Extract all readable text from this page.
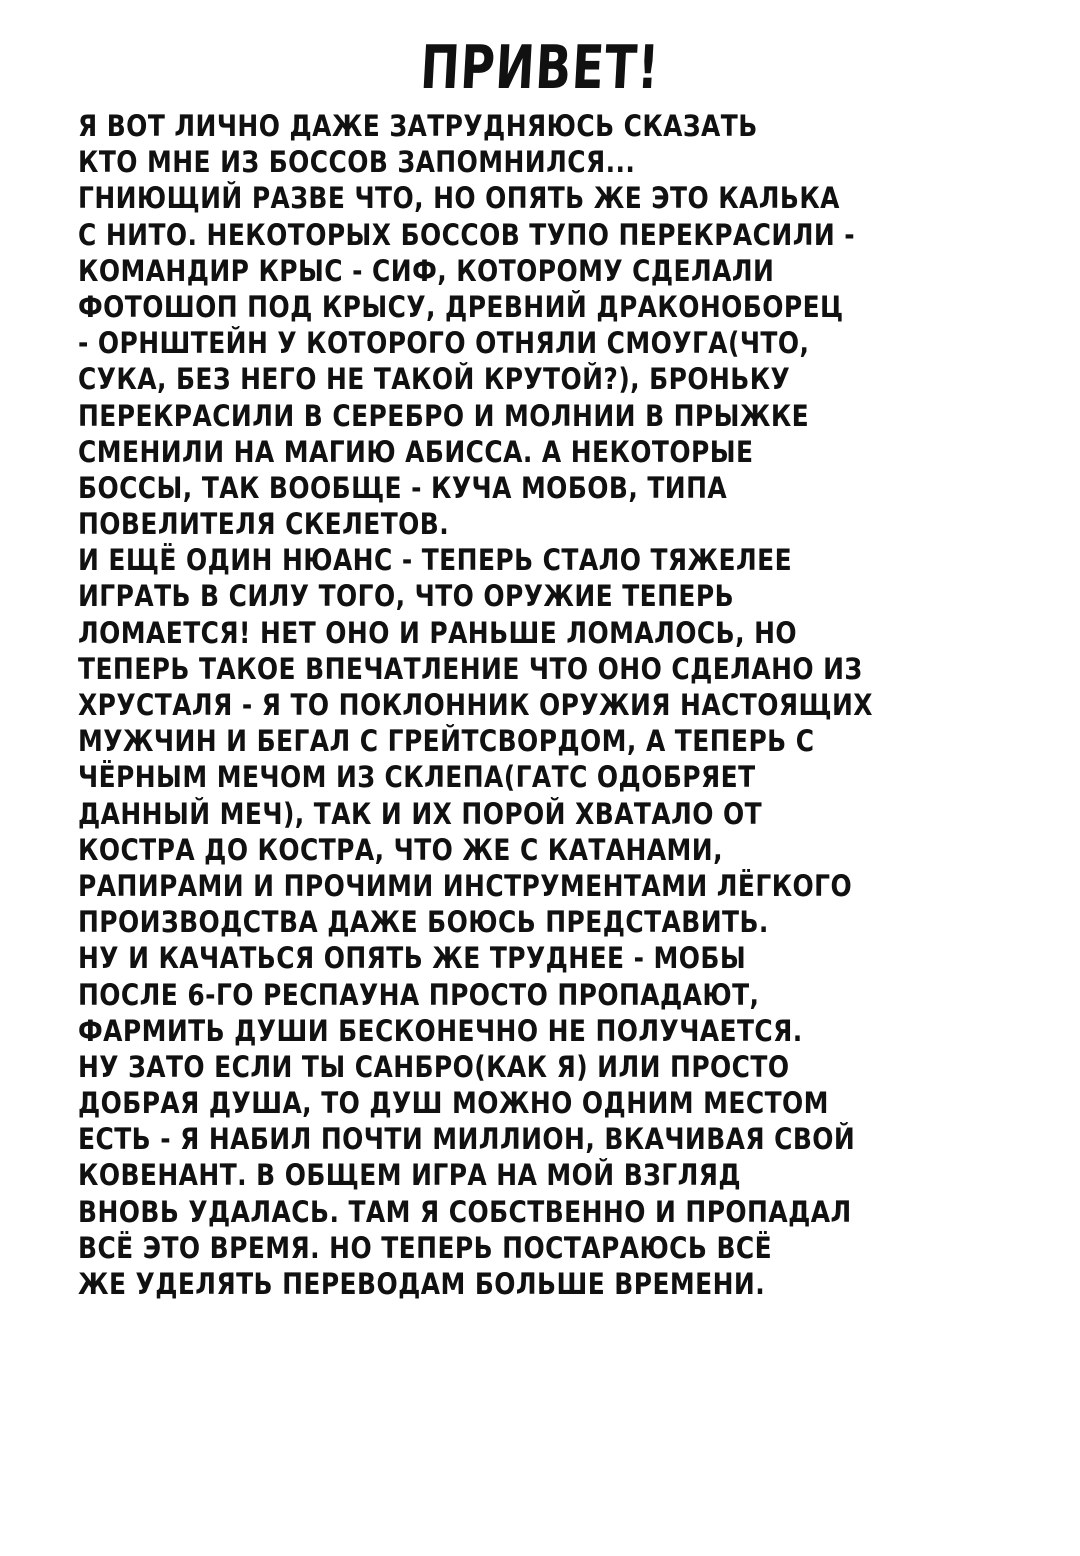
ПРИВЕТ!
Я ВОТ ЛИЧНО ДАЖЕ ЗАТРУДНЯЮСЬ СКАЗАТЬ
КТО МНЕ ИЗ БОССОВ ЗАПОМНИЛСЯ...
ГНИЮЩИЙ РАЗВЕ ЧТО, НО ОПЯТЬ ЖЕ ЭТО КАЛЬКА
С НИТО. НЕКОТОРЫХ БОССОВ ТУПО ПЕРЕКРАСИЛИ -
КОМАНДИР КРЫС - СИФ, КОТОРОМУ СДЕЛАЛИ
ФОТОШОП ПОД КРЫСУ, ДРЕВНИЙ ДРАКОНОБОРЕЦ
- ОРНШТЕЙН У КОТОРОГО ОТНЯЛИ СМОУГА(ЧТО,
СУКА, БЕЗ НЕГО НЕ ТАКОЙ КРУТОЙ?), БРОНЬКУ
ПЕРЕКРАСИЛИ В СЕРЕБРО И МОЛНИИ В ПРЫЖКЕ
СМЕНИЛИ НА МАГИЮ АБИССА. А НЕКОТОРЫЕ
БОССЫ, ТАК ВООБЩЕ - КУЧА МОБОВ, ТИПА
ПОВЕЛИТЕЛЯ СКЕЛЕТОВ.
И ЕЩЁ ОДИН НЮАНС - ТЕПЕРЬ СТАЛО ТЯЖЕЛЕЕ
ИГРАТЬ В СИЛУ ТОГО, ЧТО ОРУЖИЕ ТЕПЕРЬ
ЛОМАЕТСЯ! НЕТ ОНО И РАНЬШЕ ЛОМАЛОСЬ, НО
ТЕПЕРЬ ТАКОЕ ВПЕЧАТЛЕНИЕ ЧТО ОНО СДЕЛАНО ИЗ
ХРУСТАЛЯ - Я ТО ПОКЛОННИК ОРУЖИЯ НАСТОЯЩИХ
МУЖЧИН И БЕГАЛ С ГРЕЙТСВОРДОМ, А ТЕПЕРЬ С
ЧЁРНЫМ МЕЧОМ ИЗ СКЛЕПА(ГАТС ОДОБРЯЕТ
ДАННЫЙ МЕЧ), ТАК И ИХ ПОРОЙ ХВАТАЛО ОТ
КОСТРА ДО КОСТРА, ЧТО ЖЕ С КАТАНАМИ,
РАПИРАМИ И ПРОЧИМИ ИНСТРУМЕНТАМИ ЛЁГКОГО
ПРОИЗВОДСТВА ДАЖЕ БОЮСЬ ПРЕДСТАВИТЬ.
НУ И КАЧАТЬСЯ ОПЯТЬ ЖЕ ТРУДНЕЕ - МОБЫ
ПОСЛЕ 6-ГО РЕСПАУНА ПРОСТО ПРОПАДАЮТ,
ФАРМИТЬ ДУШИ БЕСКОНЕЧНО НЕ ПОЛУЧАЕТСЯ.
НУ ЗАТО ЕСЛИ ТЫ САНБРО(КАК Я) ИЛИ ПРОСТО
ДОБРАЯ ДУША, ТО ДУШ МОЖНО ОДНИМ МЕСТОМ
ЕСТЬ - Я НАБИЛ ПОЧТИ МИЛЛИОН, ВКАЧИВАЯ СВОЙ
КОВЕНАНТ. В ОБЩЕМ ИГРА НА МОЙ ВЗГЛЯД
ВНОВЬ УДАЛАСЬ. ТАМ Я СОБСТВЕННО И ПРОПАДАЛ
ВСЁ ЭТО ВРЕМЯ. НО ТЕПЕРЬ ПОСТАРАЮСЬ ВСЁ
ЖЕ УДЕЛЯТЬ ПЕРЕВОДАМ БОЛЬШЕ ВРЕМЕНИ.
